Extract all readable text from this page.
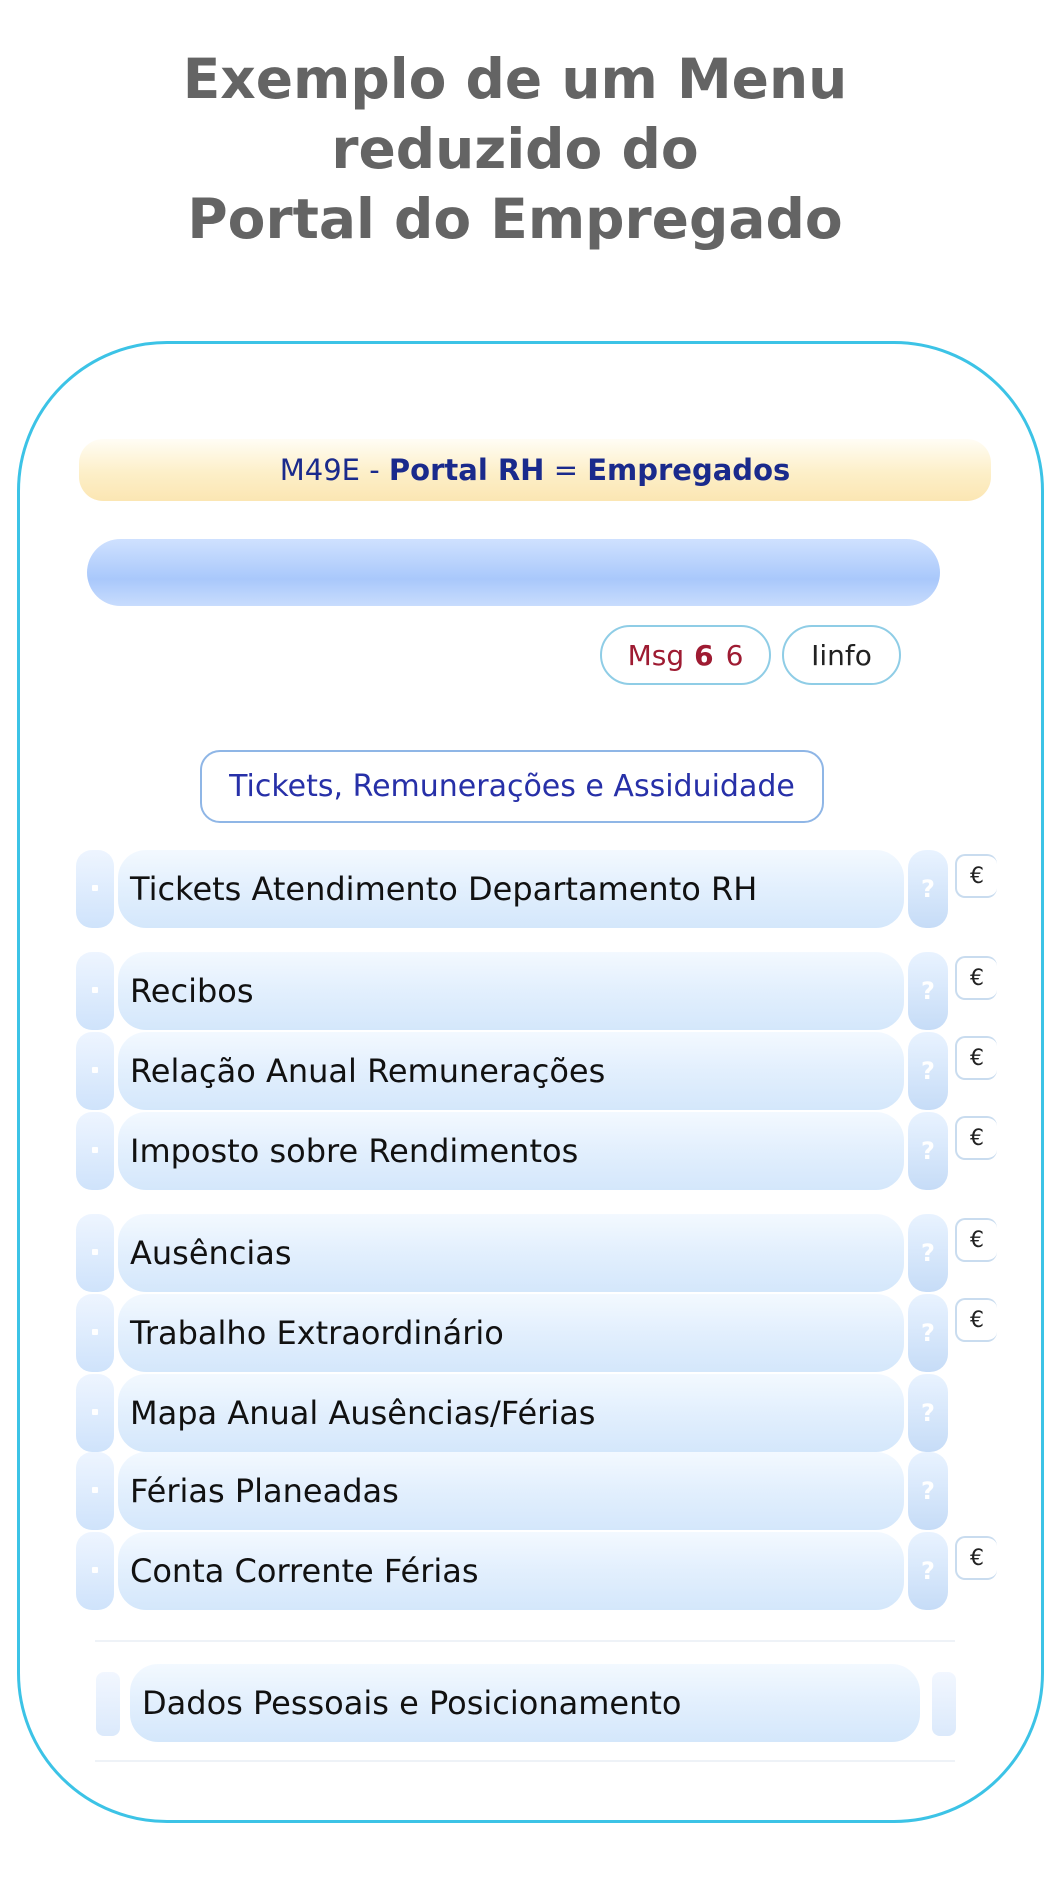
Exemplo de um Menu
reduzido do
Portal do Empregado
M49E
-
Portal RH
=
Empregados
Msg 6 6 Iinfo
Tickets, Remunerações e Assiduidade
Tickets Atendimento Departamento RH	?	€
Recibos	?	€
Relação Anual Remunerações	?	€
Imposto sobre Rendimentos	?	€
Ausências	?	€
Trabalho Extraordinário	?	€
Mapa Anual Ausências/Férias	?
Férias Planeadas	?
Conta Corrente Férias	?	€
Dados Pessoais e Posicionamento
